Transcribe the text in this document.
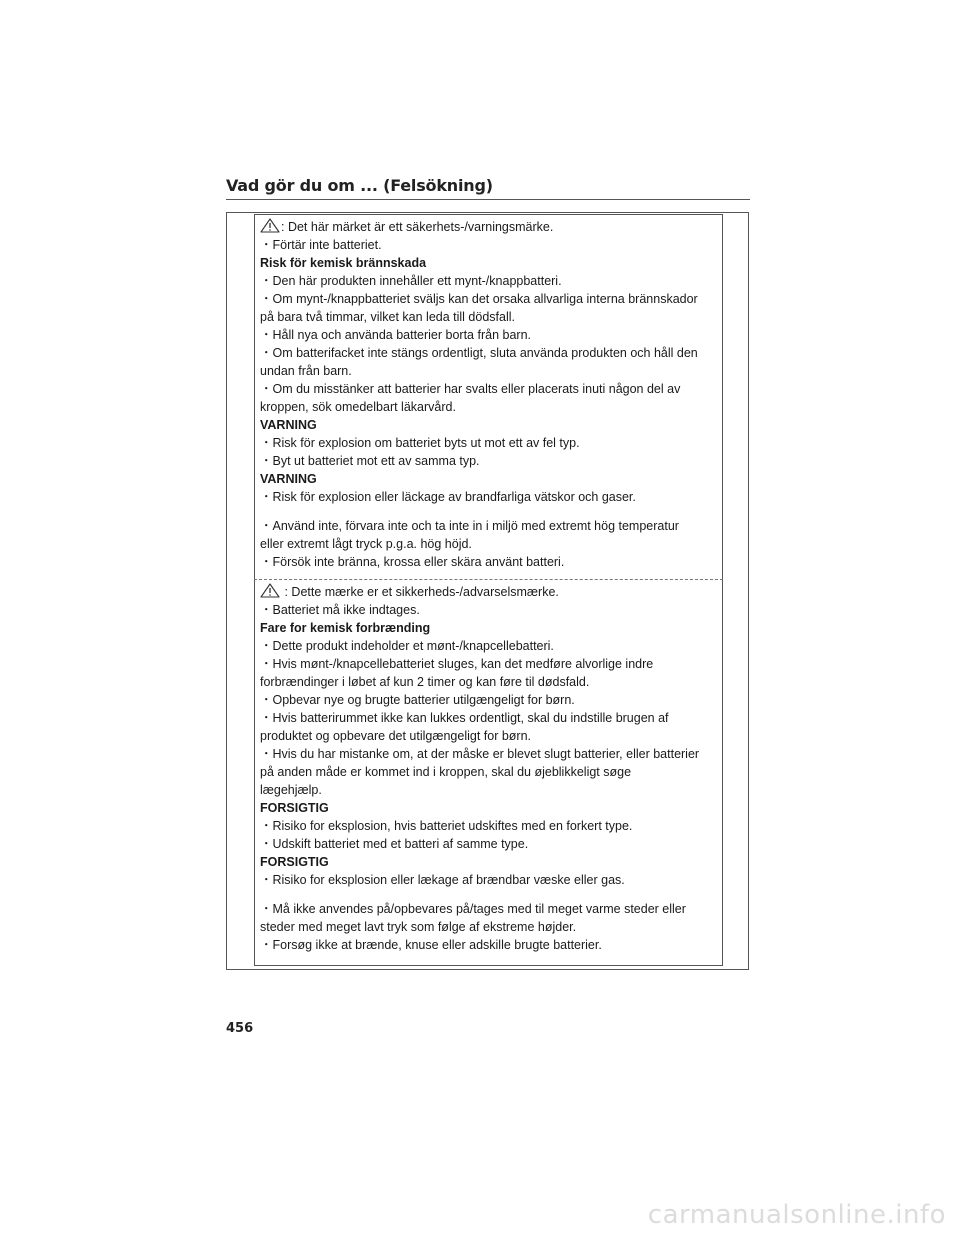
Vad gör du om ... (Felsökning)
: Det här märket är ett säkerhets-/varningsmärke.
・Förtär inte batteriet.
Risk för kemisk brännskada
・Den här produkten innehåller ett mynt-/knappbatteri.
・Om mynt-/knappbatteriet sväljs kan det orsaka allvarliga interna brännskador
på bara två timmar, vilket kan leda till dödsfall.
・Håll nya och använda batterier borta från barn.
・Om batterifacket inte stängs ordentligt, sluta använda produkten och håll den
undan från barn.
・Om du misstänker att batterier har svalts eller placerats inuti någon del av
kroppen, sök omedelbart läkarvård.
VARNING
・Risk för explosion om batteriet byts ut mot ett av fel typ.
・Byt ut batteriet mot ett av samma typ.
VARNING
・Risk för explosion eller läckage av brandfarliga vätskor och gaser.
・Använd inte, förvara inte och ta inte in i miljö med extremt hög temperatur
eller extremt lågt tryck p.g.a. hög höjd.
・Försök inte bränna, krossa eller skära använt batteri.
: Dette mærke er et sikkerheds-/advarselsmærke.
・Batteriet må ikke indtages.
Fare for kemisk forbrænding
・Dette produkt indeholder et mønt-/knapcellebatteri.
・Hvis mønt-/knapcellebatteriet sluges, kan det medføre alvorlige indre
forbrændinger i løbet af kun 2 timer og kan føre til dødsfald.
・Opbevar nye og brugte batterier utilgængeligt for børn.
・Hvis batterirummet ikke kan lukkes ordentligt, skal du indstille brugen af
produktet og opbevare det utilgængeligt for børn.
・Hvis du har mistanke om, at der måske er blevet slugt batterier, eller batterier
på anden måde er kommet ind i kroppen, skal du øjeblikkeligt søge
lægehjælp.
FORSIGTIG
・Risiko for eksplosion, hvis batteriet udskiftes med en forkert type.
・Udskift batteriet med et batteri af samme type.
FORSIGTIG
・Risiko for eksplosion eller lækage af brændbar væske eller gas.
・Må ikke anvendes på/opbevares på/tages med til meget varme steder eller
steder med meget lavt tryk som følge af ekstreme højder.
・Forsøg ikke at brænde, knuse eller adskille brugte batterier.
456
carmanualsonline.info
